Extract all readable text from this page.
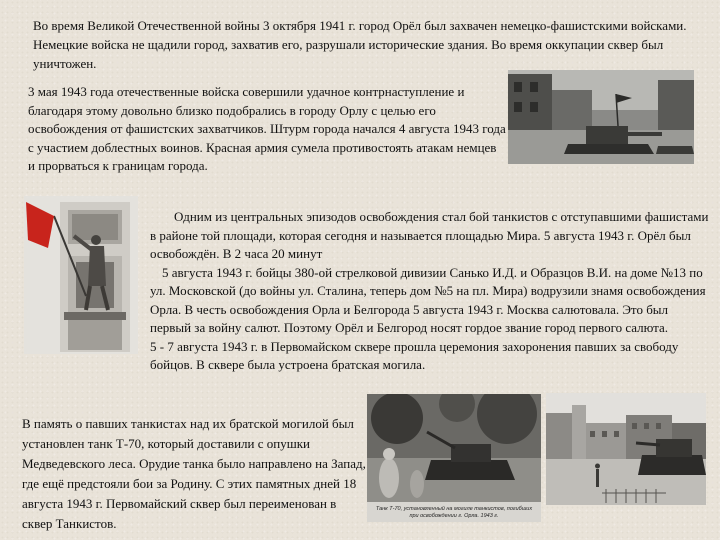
Во время Великой Отечественной войны 3 октября 1941 г. город Орёл был захвачен немецко-фашистскими войсками. Немецкие войска не щадили город, захватив его, разрушали исторические здания. Во время оккупации сквер был уничтожен.

3 мая 1943 года отечественные войска совершили удачное контрнаступление и благодаря этому довольно близко подобрались в городу Орлу с целью его освобождения от фашистских захватчиков. Штурм города начался 4 августа 1943 года с участием доблестных воинов. Красная армия сумела противостоять атакам немцев и прорваться к границам города.

Одним из центральных эпизодов освобождения стал бой танкистов с отступавшими фашистами в районе той площади, которая сегодня и называется площадью Мира. 5 августа 1943 г. Орёл был освобождён. В 2 часа 20 минут
5 августа 1943 г. бойцы 380-ой стрелковой дивизии Санько И.Д. и Образцов В.И. на доме №13 по ул. Московской (до войны ул. Сталина, теперь дом №5 на пл. Мира) водрузили знамя освобождения Орла. В честь освобождения Орла и Белгорода 5 августа 1943 г. Москва салютовала. Это был первый за войну салют. Поэтому Орёл и Белгород носят гордое звание город первого салюта.
5 - 7 августа 1943 г. в Первомайском сквере прошла церемония захоронения павших за свободу бойцов. В сквере была устроена братская могила.

В память о павших танкистах над их братской могилой был установлен танк Т-70, который доставили с опушки Медведевского леса. Орудие танка было направлено на Запад, где ещё предстояли бои за Родину. С этих памятных дней 18 августа 1943 г. Первомайский сквер был переименован в сквер Танкистов.

Танк Т-70, установленный на могиле танкистов, погибших при освобождении г. Орла. 1943 г.
